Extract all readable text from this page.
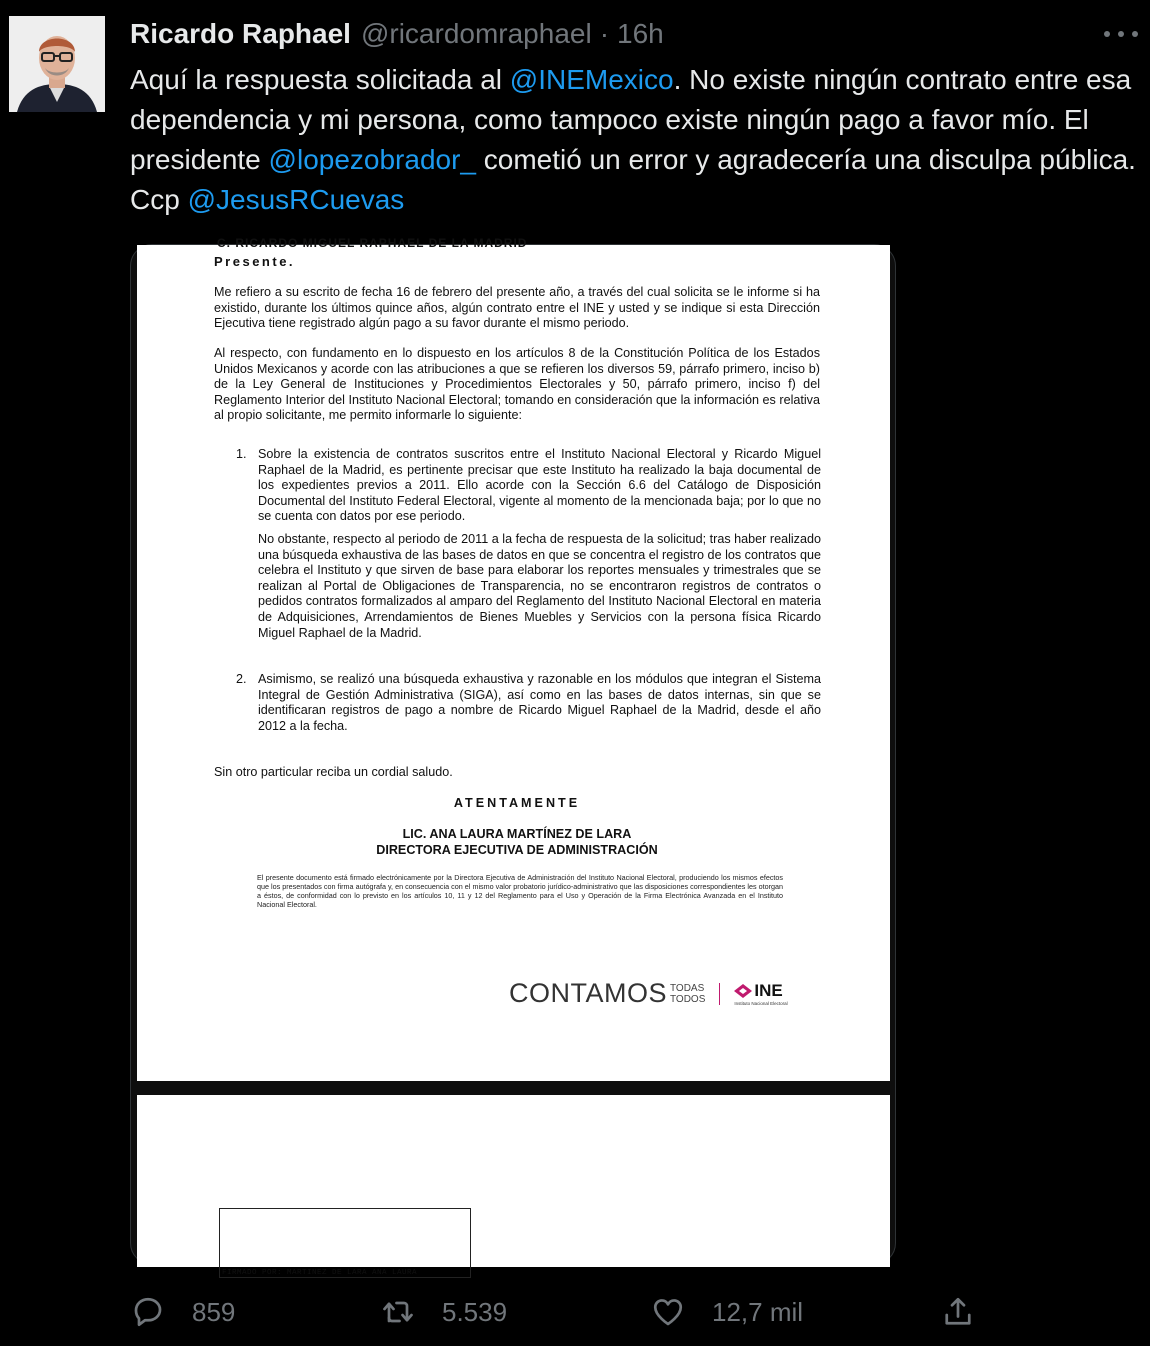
Ricardo Raphael @ricardomraphael · 16h

Aquí la respuesta solicitada al @INEMexico. No existe ningún contrato entre esa dependencia y mi persona, como tampoco existe ningún pago a favor mío. El presidente @lopezobrador_ cometió un error y agradecería una disculpa pública. Ccp @JesusRCuevas

C. RICARDO MIGUEL RAPHAEL DE LA MADRID
Presente.

Me refiero a su escrito de fecha 16 de febrero del presente año, a través del cual solicita se le informe si ha existido, durante los últimos quince años, algún contrato entre el INE y usted y se indique si esta Dirección Ejecutiva tiene registrado algún pago a su favor durante el mismo periodo.

Al respecto, con fundamento en lo dispuesto en los artículos 8 de la Constitución Política de los Estados Unidos Mexicanos y acorde con las atribuciones a que se refieren los diversos 59, párrafo primero, inciso b) de la Ley General de Instituciones y Procedimientos Electorales y 50, párrafo primero, inciso f) del Reglamento Interior del Instituto Nacional Electoral; tomando en consideración que la información es relativa al propio solicitante, me permito informarle lo siguiente:

1. Sobre la existencia de contratos suscritos entre el Instituto Nacional Electoral y Ricardo Miguel Raphael de la Madrid, es pertinente precisar que este Instituto ha realizado la baja documental de los expedientes previos a 2011. Ello acorde con la Sección 6.6 del Catálogo de Disposición Documental del Instituto Federal Electoral, vigente al momento de la mencionada baja; por lo que no se cuenta con datos por ese periodo.

No obstante, respecto al periodo de 2011 a la fecha de respuesta de la solicitud; tras haber realizado una búsqueda exhaustiva de las bases de datos en que se concentra el registro de los contratos que celebra el Instituto y que sirven de base para elaborar los reportes mensuales y trimestrales que se realizan al Portal de Obligaciones de Transparencia, no se encontraron registros de contratos o pedidos contratos formalizados al amparo del Reglamento del Instituto Nacional Electoral en materia de Adquisiciones, Arrendamientos de Bienes Muebles y Servicios con la persona física Ricardo Miguel Raphael de la Madrid.

2. Asimismo, se realizó una búsqueda exhaustiva y razonable en los módulos que integran el Sistema Integral de Gestión Administrativa (SIGA), así como en las bases de datos internas, sin que se identificaran registros de pago a nombre de Ricardo Miguel Raphael de la Madrid, desde el año 2012 a la fecha.

Sin otro particular reciba un cordial saludo.
ATENTAMENTE
LIC. ANA LAURA MARTÍNEZ DE LARA
DIRECTORA EJECUTIVA DE ADMINISTRACIÓN

El presente documento está firmado electrónicamente por la Directora Ejecutiva de Administración del Instituto Nacional Electoral, produciendo los mismos efectos que los presentados con firma autógrafa y, en consecuencia con el mismo valor probatorio jurídico-administrativo que las disposiciones correspondientes les otorgan a éstos, de conformidad con lo previsto en los artículos 10, 11 y 12 del Reglamento para el Uso y Operación de la Firma Electrónica Avanzada en el Instituto Nacional Electoral.

CONTAMOS TODAS
TODOS	INE
Instituto Nacional Electoral
FIRMADO POR: MARTINEZ DE LARA ANA LAURA
859	5.539	12,7 mil
